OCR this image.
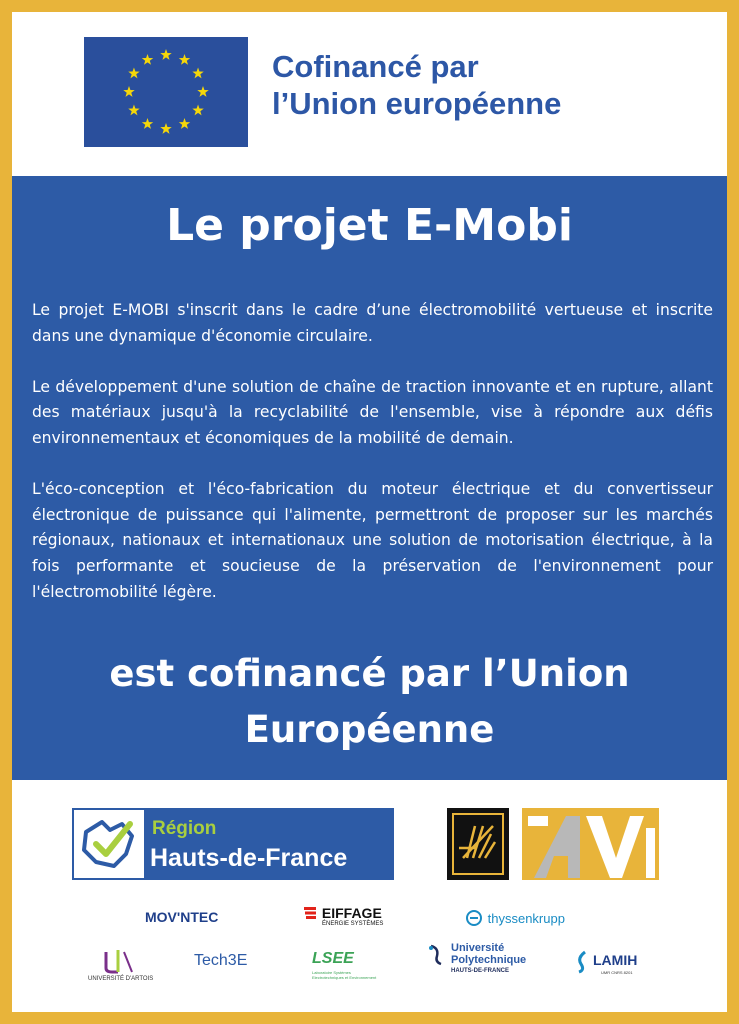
Cofinancé par
l’Union européenne
Le projet E-Mobi

Le projet E-MOBI s'inscrit dans le cadre d’une électromobilité vertueuse et inscrite dans une dynamique d'économie circulaire.

Le développement d'une solution de chaîne de traction innovante et en rupture, allant des matériaux jusqu'à la recyclabilité de l'ensemble, vise à répondre aux défis environnementaux et économiques de la mobilité de demain.

L'éco-conception et l'éco-fabrication du moteur électrique et du convertisseur électronique de puissance qui l'alimente, permettront de proposer sur les marchés régionaux, nationaux et internationaux une solution de motorisation électrique, à la fois performante et soucieuse de la préservation de l'environnement pour l'électromobilité légère.

est cofinancé par l’Union
Européenne
Région
Hauts-de-France
MOV'NTEC	EIFFAGE
ÉNERGIE SYSTÈMES	thyssenkrupp
UNIVERSITÉ D'ARTOIS
Tech3E	LSEE
Laboratoire Systèmes Electrotechniques et Environnement
Université
Polytechnique
HAUTS-DE-FRANCE
LAMIH
UMR CNRS 8201
